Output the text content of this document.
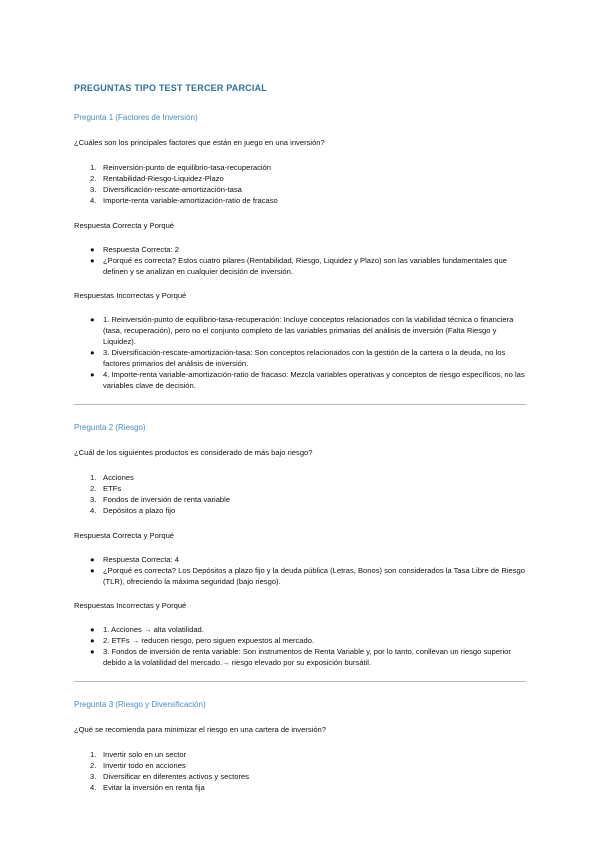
PREGUNTAS TIPO TEST TERCER PARCIAL
Pregunta 1 (Factores de Inversión)
¿Cuáles son los principales factores que están en juego en una inversión?
1. Reinversión-punto de equilibrio-tasa-recuperación
2. Rentabilidad-Riesgo-Liquidez-Plazo
3. Diversificación-rescate-amortización-tasa
4. Importe-renta variable-amortización-ratio de fracaso
Respuesta Correcta y Porqué
● Respuesta Correcta: 2
● ¿Porqué es correcta? Estos cuatro pilares (Rentabilidad, Riesgo, Liquidez y Plazo) son las variables fundamentales que definen y se analizan en cualquier decisión de inversión.
Respuestas Incorrectas y Porqué
● 1. Reinversión-punto de equilibrio-tasa-recuperación: Incluye conceptos relacionados con la viabilidad técnica o financiera (tasa, recuperación), pero no el conjunto completo de las variables primarias del análisis de inversión (Falta Riesgo y Liquidez).
● 3. Diversificación-rescate-amortización-tasa: Son conceptos relacionados con la gestión de la cartera o la deuda, no los factores primarios del análisis de inversión.
● 4. Importe-renta variable-amortización-ratio de fracaso: Mezcla variables operativas y conceptos de riesgo específicos, no las variables clave de decisión.
Pregunta 2 (Riesgo)
¿Cuál de los siguientes productos es considerado de más bajo riesgo?
1. Acciones
2. ETFs
3. Fondos de inversión de renta variable
4. Depósitos a plazo fijo
Respuesta Correcta y Porqué
● Respuesta Correcta: 4
● ¿Porqué es correcta? Los Depósitos a plazo fijo y la deuda pública (Letras, Bonos) son considerados la Tasa Libre de Riesgo (TLR), ofreciendo la máxima seguridad (bajo riesgo).
Respuestas Incorrectas y Porqué
● 1. Acciones → alta volatilidad.
● 2. ETFs → reducen riesgo, pero siguen expuestos al mercado.
● 3. Fondos de inversión de renta variable: Son instrumentos de Renta Variable y, por lo tanto, conllevan un riesgo superior debido a la volatilidad del mercado.→ riesgo elevado por su exposición bursátil.
Pregunta 3 (Riesgo y Diversificación)
¿Qué se recomienda para minimizar el riesgo en una cartera de inversión?
1. Invertir solo en un sector
2. Invertir todo en acciones
3. Diversificar en diferentes activos y sectores
4. Evitar la inversión en renta fija
